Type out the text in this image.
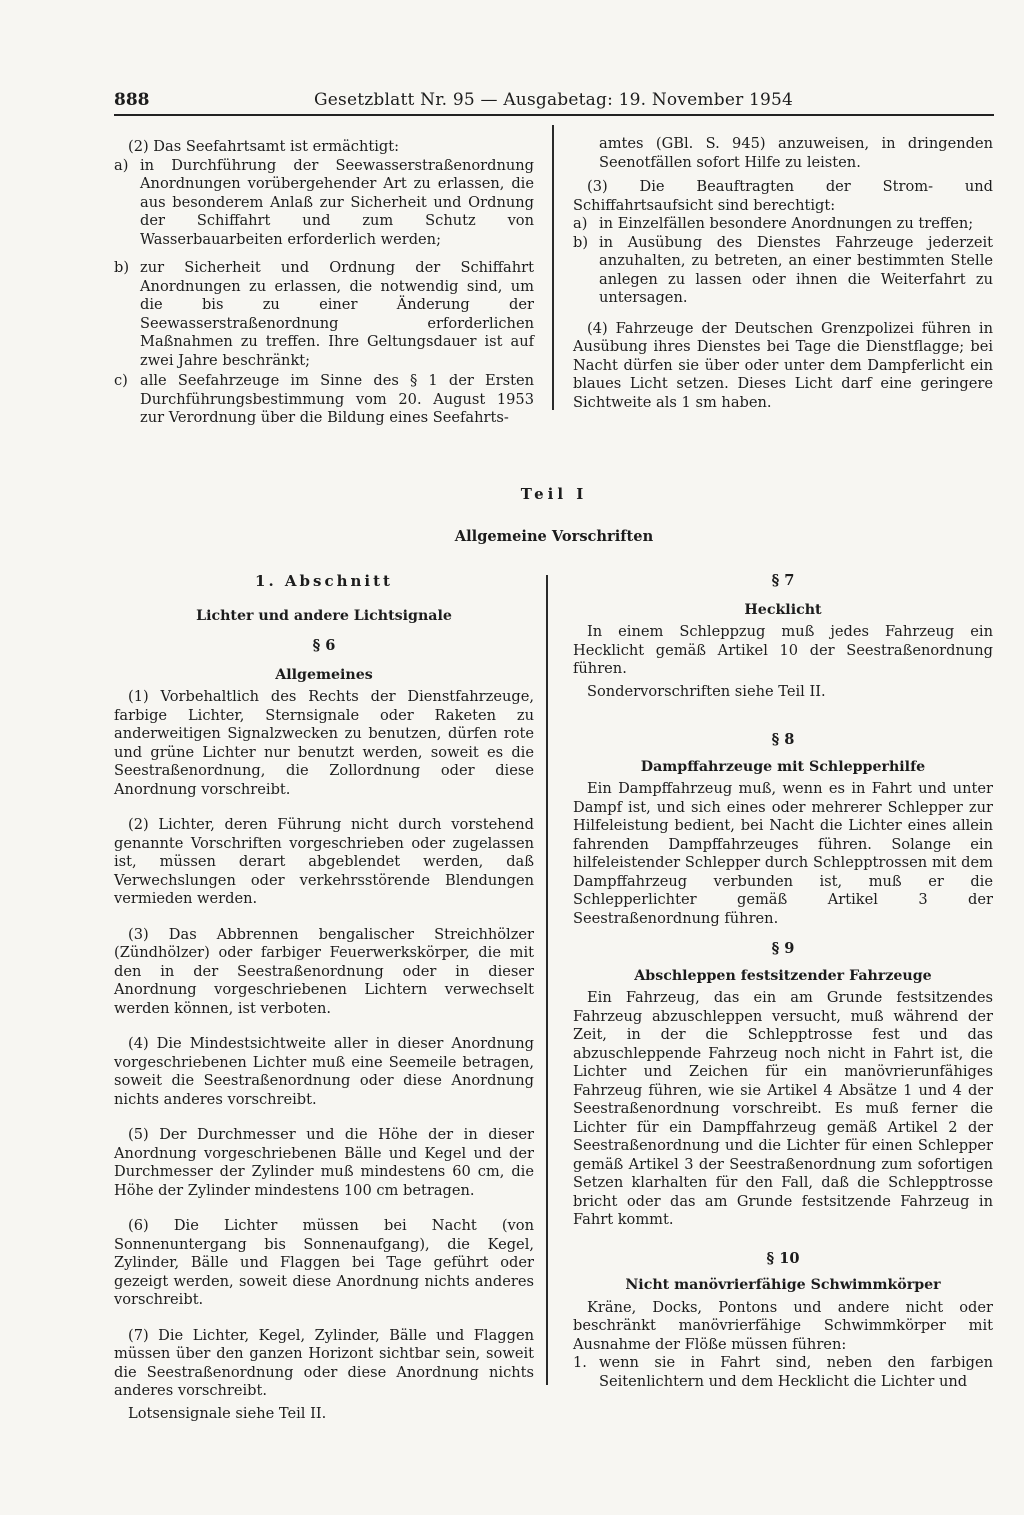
888	Gesetzblatt Nr. 95 — Ausgabetag: 19. November 1954

(2) Das Seefahrtsamt ist ermächtigt:

a) in Durchführung der Seewasserstraßenordnung Anordnungen vorübergehender Art zu erlassen, die aus besonderem Anlaß zur Sicherheit und Ordnung der Schiffahrt und zum Schutz von Wasserbauarbeiten erforderlich werden;
b) zur Sicherheit und Ordnung der Schiffahrt Anordnungen zu erlassen, die notwendig sind, um die bis zu einer Änderung der Seewasserstraßenordnung erforderlichen Maßnahmen zu treffen. Ihre Geltungsdauer ist auf zwei Jahre beschränkt;
c) alle Seefahrzeuge im Sinne des § 1 der Ersten Durchführungsbestimmung vom 20. August 1953 zur Verordnung über die Bildung eines Seefahrts-

amtes (GBl. S. 945) anzuweisen, in dringenden Seenotfällen sofort Hilfe zu leisten.

(3) Die Beauftragten der Strom- und Schiffahrtsaufsicht sind berechtigt:

a) in Einzelfällen besondere Anordnungen zu treffen;
b) in Ausübung des Dienstes Fahrzeuge jederzeit anzuhalten, zu betreten, an einer bestimmten Stelle anlegen zu lassen oder ihnen die Weiterfahrt zu untersagen.

(4) Fahrzeuge der Deutschen Grenzpolizei führen in Ausübung ihres Dienstes bei Tage die Dienstflagge; bei Nacht dürfen sie über oder unter dem Dampferlicht ein blaues Licht setzen. Dieses Licht darf eine geringere Sichtweite als 1 sm haben.

Teil I
Allgemeine Vorschriften

1. Abschnitt

Lichter und andere Lichtsignale

§ 6

Allgemeines

(1) Vorbehaltlich des Rechts der Dienstfahrzeuge, farbige Lichter, Sternsignale oder Raketen zu anderweitigen Signalzwecken zu benutzen, dürfen rote und grüne Lichter nur benutzt werden, soweit es die Seestraßenordnung, die Zollordnung oder diese Anordnung vorschreibt.

(2) Lichter, deren Führung nicht durch vorstehend genannte Vorschriften vorgeschrieben oder zugelassen ist, müssen derart abgeblendet werden, daß Verwechslungen oder verkehrsstörende Blendungen vermieden werden.

(3) Das Abbrennen bengalischer Streichhölzer (Zündhölzer) oder farbiger Feuerwerkskörper, die mit den in der Seestraßenordnung oder in dieser Anordnung vorgeschriebenen Lichtern verwechselt werden können, ist verboten.

(4) Die Mindestsichtweite aller in dieser Anordnung vorgeschriebenen Lichter muß eine Seemeile betragen, soweit die Seestraßenordnung oder diese Anordnung nichts anderes vorschreibt.

(5) Der Durchmesser und die Höhe der in dieser Anordnung vorgeschriebenen Bälle und Kegel und der Durchmesser der Zylinder muß mindestens 60 cm, die Höhe der Zylinder mindestens 100 cm betragen.

(6) Die Lichter müssen bei Nacht (von Sonnenuntergang bis Sonnenaufgang), die Kegel, Zylinder, Bälle und Flaggen bei Tage geführt oder gezeigt werden, soweit diese Anordnung nichts anderes vorschreibt.

(7) Die Lichter, Kegel, Zylinder, Bälle und Flaggen müssen über den ganzen Horizont sichtbar sein, soweit die Seestraßenordnung oder diese Anordnung nichts anderes vorschreibt.

Lotsensignale siehe Teil II.

§ 7

Hecklicht

In einem Schleppzug muß jedes Fahrzeug ein Hecklicht gemäß Artikel 10 der Seestraßenordnung führen.

Sondervorschriften siehe Teil II.

§ 8

Dampffahrzeuge mit Schlepperhilfe

Ein Dampffahrzeug muß, wenn es in Fahrt und unter Dampf ist, und sich eines oder mehrerer Schlepper zur Hilfeleistung bedient, bei Nacht die Lichter eines allein fahrenden Dampffahrzeuges führen. Solange ein hilfeleistender Schlepper durch Schlepptrossen mit dem Dampffahrzeug verbunden ist, muß er die Schlepperlichter gemäß Artikel 3 der Seestraßenordnung führen.

§ 9

Abschleppen festsitzender Fahrzeuge

Ein Fahrzeug, das ein am Grunde festsitzendes Fahrzeug abzuschleppen versucht, muß während der Zeit, in der die Schlepptrosse fest und das abzuschleppende Fahrzeug noch nicht in Fahrt ist, die Lichter und Zeichen für ein manövrierunfähiges Fahrzeug führen, wie sie Artikel 4 Absätze 1 und 4 der Seestraßenordnung vorschreibt. Es muß ferner die Lichter für ein Dampffahrzeug gemäß Artikel 2 der Seestraßenordnung und die Lichter für einen Schlepper gemäß Artikel 3 der Seestraßenordnung zum sofortigen Setzen klarhalten für den Fall, daß die Schlepptrosse bricht oder das am Grunde festsitzende Fahrzeug in Fahrt kommt.

§ 10

Nicht manövrierfähige Schwimmkörper

Kräne, Docks, Pontons und andere nicht oder beschränkt manövrierfähige Schwimmkörper mit Ausnahme der Flöße müssen führen:

1. wenn sie in Fahrt sind, neben den farbigen Seitenlichtern und dem Hecklicht die Lichter und
